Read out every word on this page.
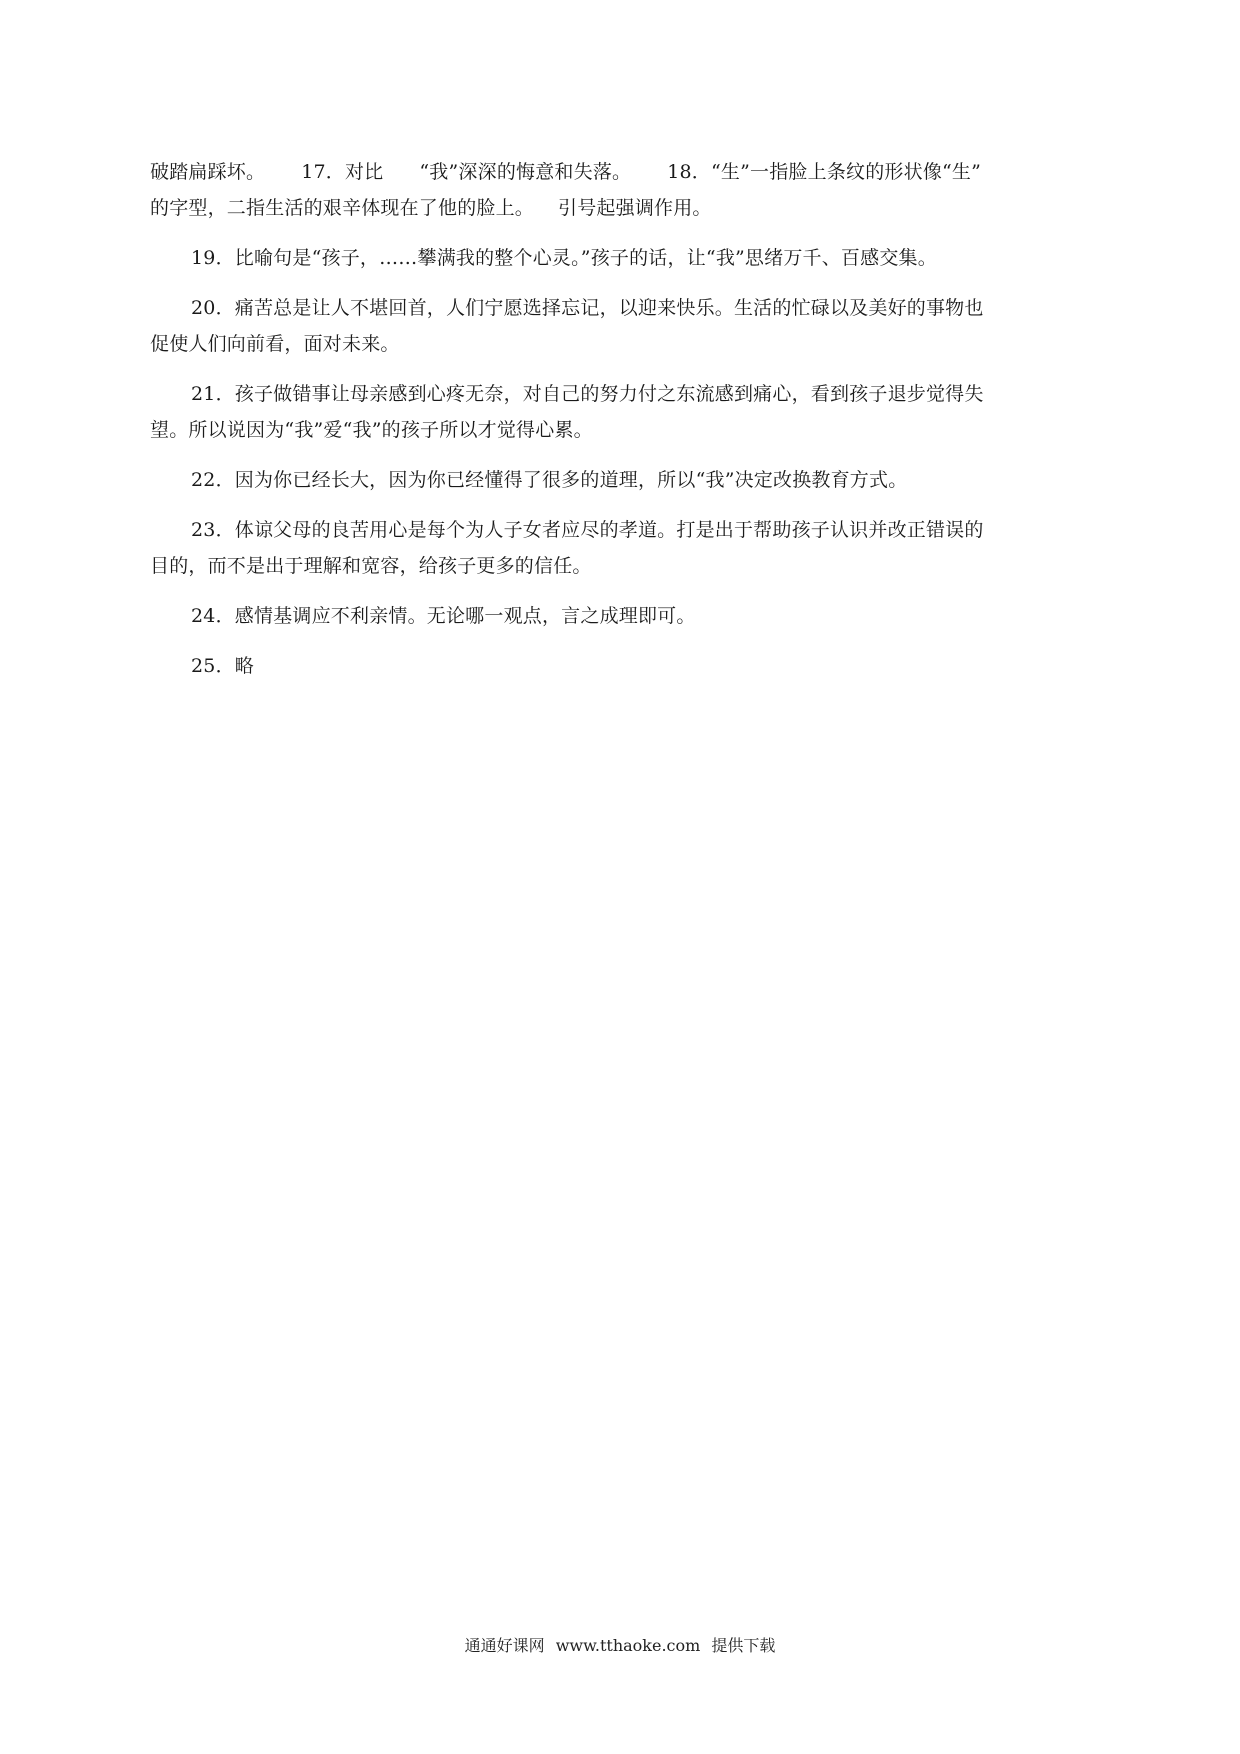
破踏扁踩坏。 17．对比 “我”深深的悔意和失落。 18．“生”一指脸上条纹的形状像“生”
的字型，二指生活的艰辛体现在了他的脸上。 引号起强调作用。
19．比喻句是“孩子，……攀满我的整个心灵。”孩子的话，让“我”思绪万千、百感交集。
20．痛苦总是让人不堪回首，人们宁愿选择忘记，以迎来快乐。生活的忙碌以及美好的事物也
促使人们向前看，面对未来。
21．孩子做错事让母亲感到心疼无奈，对自己的努力付之东流感到痛心，看到孩子退步觉得失
望。所以说因为“我”爱“我”的孩子所以才觉得心累。
22．因为你已经长大，因为你已经懂得了很多的道理，所以“我”决定改换教育方式。
23．体谅父母的良苦用心是每个为人子女者应尽的孝道。打是出于帮助孩子认识并改正错误的
目的，而不是出于理解和宽容，给孩子更多的信任。
24．感情基调应不利亲情。无论哪一观点，言之成理即可。
25．略
通通好课网 www.tthaoke.com 提供下载
